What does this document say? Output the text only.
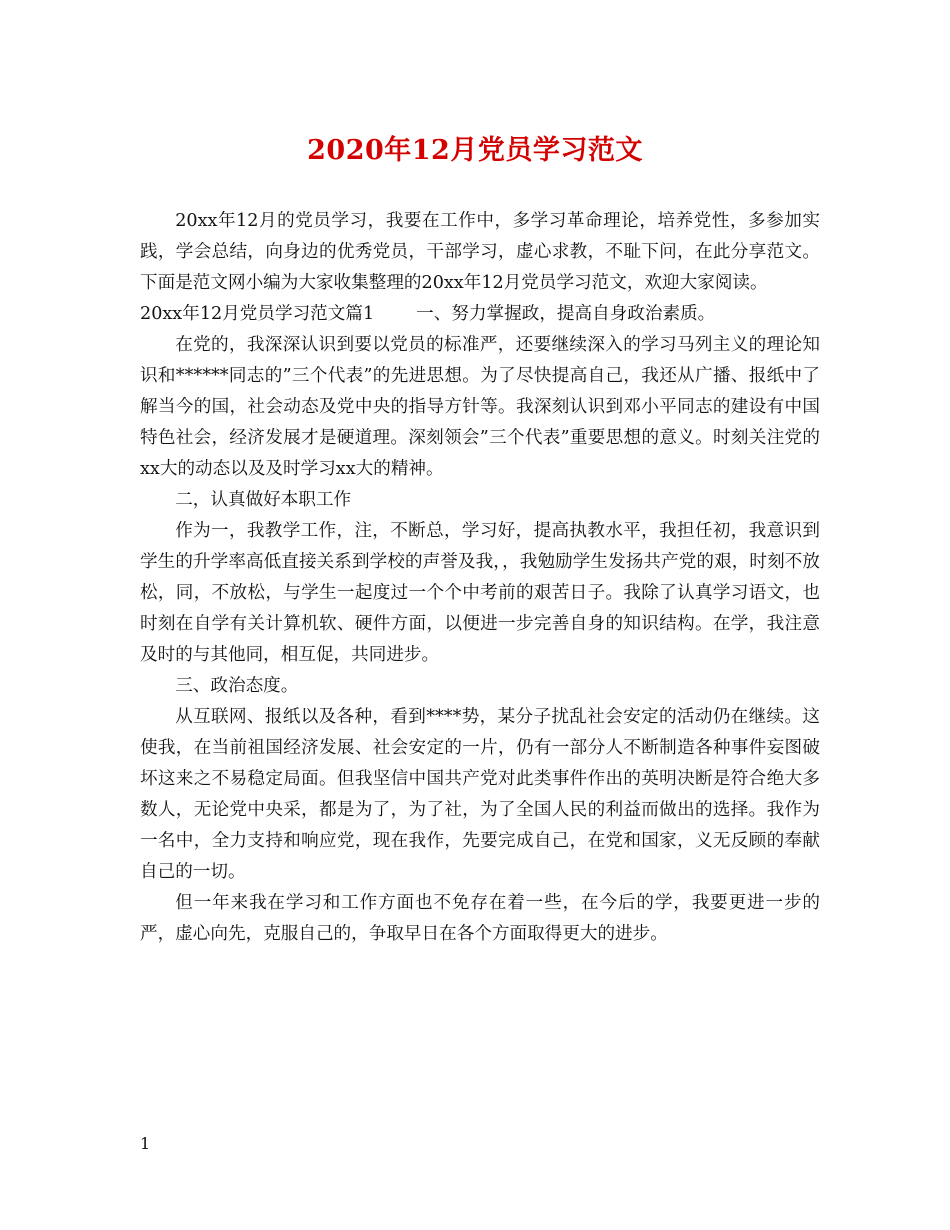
2020年12月党员学习范文

20xx年12月的党员学习，我要在工作中，多学习革命理论，培养党性，多参加实践，学会总结，向身边的优秀党员，干部学习，虚心求教，不耻下问，在此分享范文。下面是范文网小编为大家收集整理的20xx年12月党员学习范文，欢迎大家阅读。

20xx年12月党员学习范文篇1 一、努力掌握政，提高自身政治素质。

在党的，我深深认识到要以党员的标准严，还要继续深入的学习马列主义的理论知识和******同志的”三个代表”的先进思想。为了尽快提高自己，我还从广播、报纸中了解当今的国，社会动态及党中央的指导方针等。我深刻认识到邓小平同志的建设有中国特色社会，经济发展才是硬道理。深刻领会”三个代表”重要思想的意义。时刻关注党的xx大的动态以及及时学习xx大的精神。

二，认真做好本职工作

作为一，我教学工作，注，不断总，学习好，提高执教水平，我担任初，我意识到学生的升学率高低直接关系到学校的声誉及我，，我勉励学生发扬共产党的艰，时刻不放松，同，不放松，与学生一起度过一个个中考前的艰苦日子。我除了认真学习语文，也时刻在自学有关计算机软、硬件方面，以便进一步完善自身的知识结构。在学，我注意及时的与其他同，相互促，共同进步。

三、政治态度。

从互联网、报纸以及各种，看到****势，某分子扰乱社会安定的活动仍在继续。这使我，在当前祖国经济发展、社会安定的一片，仍有一部分人不断制造各种事件妄图破坏这来之不易稳定局面。但我坚信中国共产党对此类事件作出的英明决断是符合绝大多数人，无论党中央采，都是为了，为了社，为了全国人民的利益而做出的选择。我作为一名中，全力支持和响应党，现在我作，先要完成自己，在党和国家，义无反顾的奉献自己的一切。

但一年来我在学习和工作方面也不免存在着一些，在今后的学，我要更进一步的严，虚心向先，克服自己的，争取早日在各个方面取得更大的进步。

1
